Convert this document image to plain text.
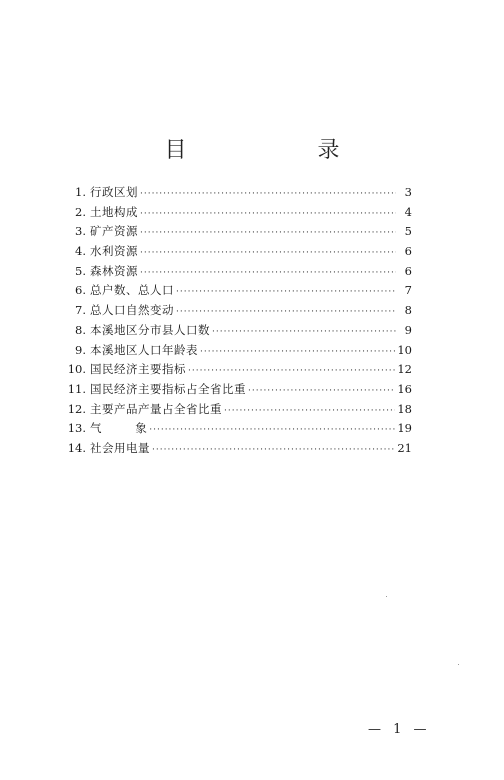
目 录
1. 行政区划 ·····	3
2. 土地构成 ·····	4
3. 矿产资源 ·····	5
4. 水利资源 ·····	6
5. 森林资源 ·····	6
6. 总户数、总人口 ·····	7
7. 总人口自然变动 ·····	8
8. 本溪地区分市县人口数 ·····	9
9. 本溪地区人口年龄表 ·····	10
10. 国民经济主要指标 ·····	12
11. 国民经济主要指标占全省比重 ·····	16
12. 主要产品产量占全省比重 ·····	18
13. 气        象 ·····	19
14. 社会用电量 ·····	21
— 1 —
